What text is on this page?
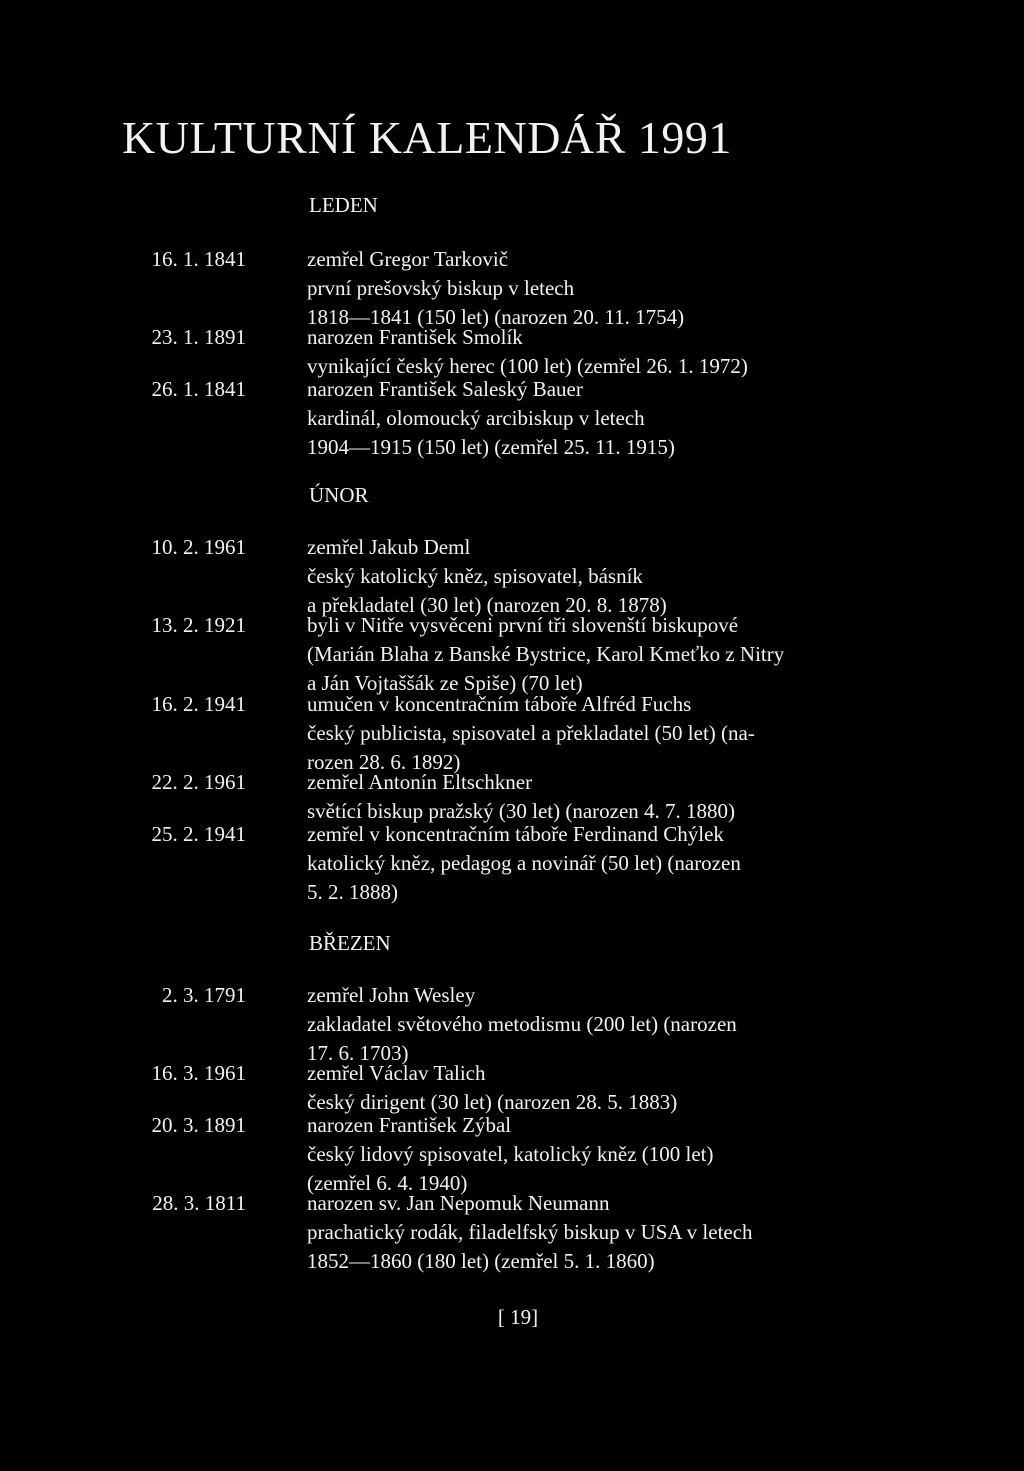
KULTURNÍ KALENDÁŘ 1991
LEDEN
16. 1. 1841	zemřel Gregor Tarkovič
první prešovský biskup v letech
1818—1841 (150 let) (narozen 20. 11. 1754)
23. 1. 1891	narozen František Smolík
vynikající český herec (100 let) (zemřel 26. 1. 1972)
26. 1. 1841	narozen František Saleský Bauer
kardinál, olomoucký arcibiskup v letech
1904—1915 (150 let) (zemřel 25. 11. 1915)
ÚNOR
10. 2. 1961	zemřel Jakub Deml
český katolický kněz, spisovatel, básník
a překladatel (30 let) (narozen 20. 8. 1878)
13. 2. 1921	byli v Nitře vysvěceni první tři slovenští biskupové
(Marián Blaha z Banské Bystrice, Karol Kmeťko z Nitry
a Ján Vojtaššák ze Spiše) (70 let)
16. 2. 1941	umučen v koncentračním táboře Alfréd Fuchs
český publicista, spisovatel a překladatel (50 let) (na-
rozen 28. 6. 1892)
22. 2. 1961	zemřel Antonín Eltschkner
světící biskup pražský (30 let) (narozen 4. 7. 1880)
25. 2. 1941	zemřel v koncentračním táboře Ferdinand Chýlek
katolický kněz, pedagog a novinář (50 let) (narozen
5. 2. 1888)
BŘEZEN
2. 3. 1791	zemřel John Wesley
zakladatel světového metodismu (200 let) (narozen
17. 6. 1703)
16. 3. 1961	zemřel Václav Talich
český dirigent (30 let) (narozen 28. 5. 1883)
20. 3. 1891	narozen František Zýbal
český lidový spisovatel, katolický kněz (100 let)
(zemřel 6. 4. 1940)
28. 3. 1811	narozen sv. Jan Nepomuk Neumann
prachatický rodák, filadelfský biskup v USA v letech
1852—1860 (180 let) (zemřel 5. 1. 1860)
[ 19]
